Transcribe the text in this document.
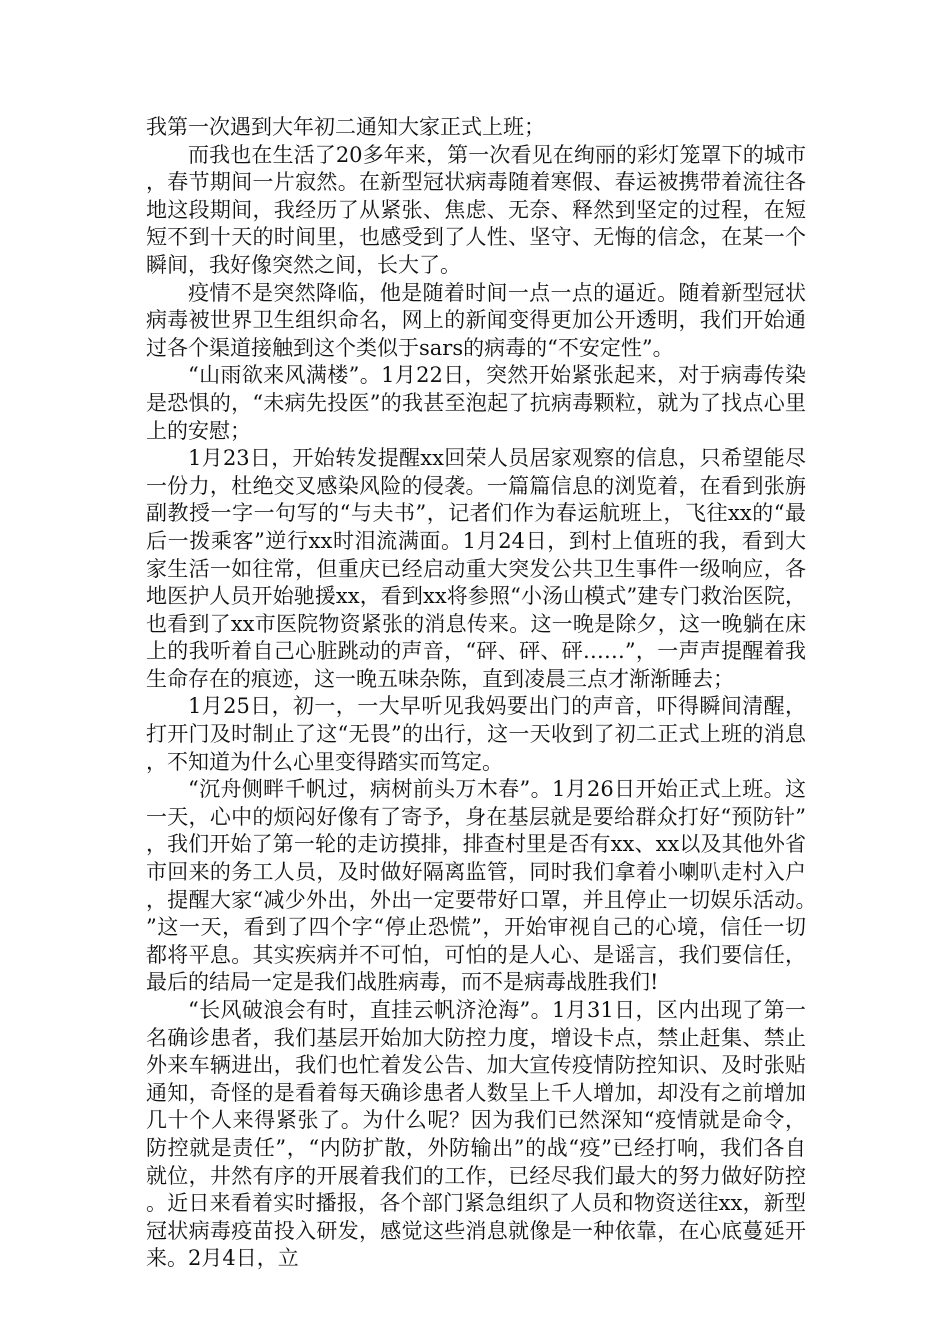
我第一次遇到大年初二通知大家正式上班；

而我也在生活了20多年来，第一次看见在绚丽的彩灯笼罩下的城市，春节期间一片寂然。在新型冠状病毒随着寒假、春运被携带着流往各地这段期间，我经历了从紧张、焦虑、无奈、释然到坚定的过程，在短短不到十天的时间里，也感受到了人性、坚守、无悔的信念，在某一个瞬间，我好像突然之间，长大了。

疫情不是突然降临，他是随着时间一点一点的逼近。随着新型冠状病毒被世界卫生组织命名，网上的新闻变得更加公开透明，我们开始通过各个渠道接触到这个类似于sars的病毒的“不安定性”。

“山雨欲来风满楼”。1月22日，突然开始紧张起来，对于病毒传染是恐惧的，“未病先投医”的我甚至泡起了抗病毒颗粒，就为了找点心里上的安慰；

1月23日，开始转发提醒xx回荣人员居家观察的信息，只希望能尽一份力，杜绝交叉感染风险的侵袭。一篇篇信息的浏览着，在看到张旃副教授一字一句写的“与夫书”，记者们作为春运航班上，飞往xx的“最后一拨乘客”逆行xx时泪流满面。1月24日，到村上值班的我，看到大家生活一如往常，但重庆已经启动重大突发公共卫生事件一级响应，各地医护人员开始驰援xx，看到xx将参照“小汤山模式”建专门救治医院，也看到了xx市医院物资紧张的消息传来。这一晚是除夕，这一晚躺在床上的我听着自己心脏跳动的声音，“砰、砰、砰……”，一声声提醒着我生命存在的痕迹，这一晚五味杂陈，直到凌晨三点才渐渐睡去；

1月25日，初一，一大早听见我妈要出门的声音，吓得瞬间清醒，打开门及时制止了这“无畏”的出行，这一天收到了初二正式上班的消息，不知道为什么心里变得踏实而笃定。

“沉舟侧畔千帆过，病树前头万木春”。1月26日开始正式上班。这一天，心中的烦闷好像有了寄予，身在基层就是要给群众打好“预防针”，我们开始了第一轮的走访摸排，排查村里是否有xx、xx以及其他外省市回来的务工人员，及时做好隔离监管，同时我们拿着小喇叭走村入户，提醒大家“减少外出，外出一定要带好口罩，并且停止一切娱乐活动。”这一天，看到了四个字“停止恐慌”，开始审视自己的心境，信任一切都将平息。其实疾病并不可怕，可怕的是人心、是谣言，我们要信任，最后的结局一定是我们战胜病毒，而不是病毒战胜我们!

“长风破浪会有时，直挂云帆济沧海”。1月31日，区内出现了第一名确诊患者，我们基层开始加大防控力度，增设卡点，禁止赶集、禁止外来车辆进出，我们也忙着发公告、加大宣传疫情防控知识、及时张贴通知，奇怪的是看着每天确诊患者人数呈上千人增加，却没有之前增加几十个人来得紧张了。为什么呢？因为我们已然深知“疫情就是命令，防控就是责任”，“内防扩散，外防输出”的战“疫”已经打响，我们各自就位，井然有序的开展着我们的工作，已经尽我们最大的努力做好防控。近日来看着实时播报，各个部门紧急组织了人员和物资送往xx，新型冠状病毒疫苗投入研发，感觉这些消息就像是一种依靠，在心底蔓延开来。2月4日，立
